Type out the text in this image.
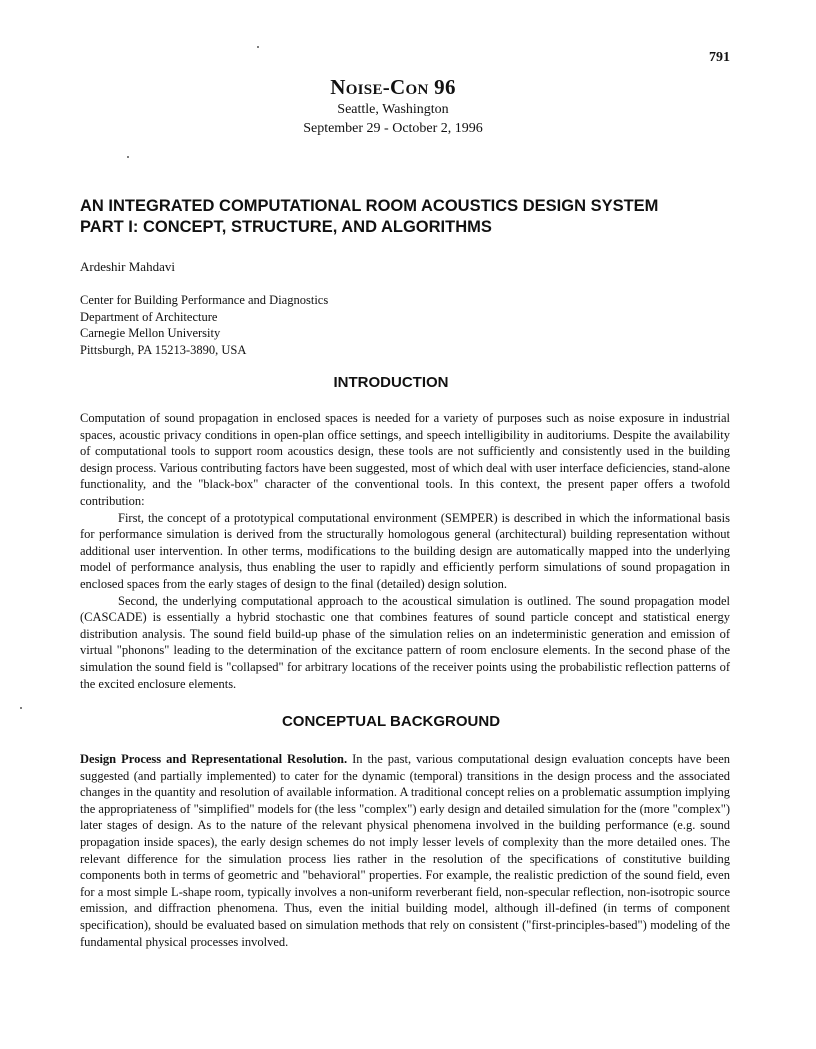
791
Noise-Con 96
Seattle, Washington
September 29 - October 2, 1996
AN INTEGRATED COMPUTATIONAL ROOM ACOUSTICS DESIGN SYSTEM
PART I: CONCEPT, STRUCTURE, AND ALGORITHMS
Ardeshir Mahdavi
Center for Building Performance and Diagnostics
Department of Architecture
Carnegie Mellon University
Pittsburgh, PA 15213-3890, USA
INTRODUCTION

Computation of sound propagation in enclosed spaces is needed for a variety of purposes such as noise exposure in industrial spaces, acoustic privacy conditions in open-plan office settings, and speech intelligibility in auditoriums. Despite the availability of computational tools to support room acoustics design, these tools are not sufficiently and consistently used in the building design process. Various contributing factors have been suggested, most of which deal with user interface deficiencies, stand-alone functionality, and the "black-box" character of the conventional tools. In this context, the present paper offers a twofold contribution:

First, the concept of a prototypical computational environment (SEMPER) is described in which the informational basis for performance simulation is derived from the structurally homologous general (architectural) building representation without additional user intervention. In other terms, modifications to the building design are automatically mapped into the underlying model of performance analysis, thus enabling the user to rapidly and efficiently perform simulations of sound propagation in enclosed spaces from the early stages of design to the final (detailed) design solution.

Second, the underlying computational approach to the acoustical simulation is outlined. The sound propagation model (CASCADE) is essentially a hybrid stochastic one that combines features of sound particle concept and statistical energy distribution analysis. The sound field build-up phase of the simulation relies on an indeterministic generation and emission of virtual "phonons" leading to the determination of the excitance pattern of room enclosure elements. In the second phase of the simulation the sound field is "collapsed" for arbitrary locations of the receiver points using the probabilistic reflection patterns of the excited enclosure elements.

CONCEPTUAL BACKGROUND

Design Process and Representational Resolution. In the past, various computational design evaluation concepts have been suggested (and partially implemented) to cater for the dynamic (temporal) transitions in the design process and the associated changes in the quantity and resolution of available information. A traditional concept relies on a problematic assumption implying the appropriateness of "simplified" models for (the less "complex") early design and detailed simulation for the (more "complex") later stages of design. As to the nature of the relevant physical phenomena involved in the building performance (e.g. sound propagation inside spaces), the early design schemes do not imply lesser levels of complexity than the more detailed ones. The relevant difference for the simulation process lies rather in the resolution of the specifications of constitutive building components both in terms of geometric and "behavioral" properties. For example, the realistic prediction of the sound field, even for a most simple L-shape room, typically involves a non-uniform reverberant field, non-specular reflection, non-isotropic source emission, and diffraction phenomena. Thus, even the initial building model, although ill-defined (in terms of component specification), should be evaluated based on simulation methods that rely on consistent ("first-principles-based") modeling of the fundamental physical processes involved.
